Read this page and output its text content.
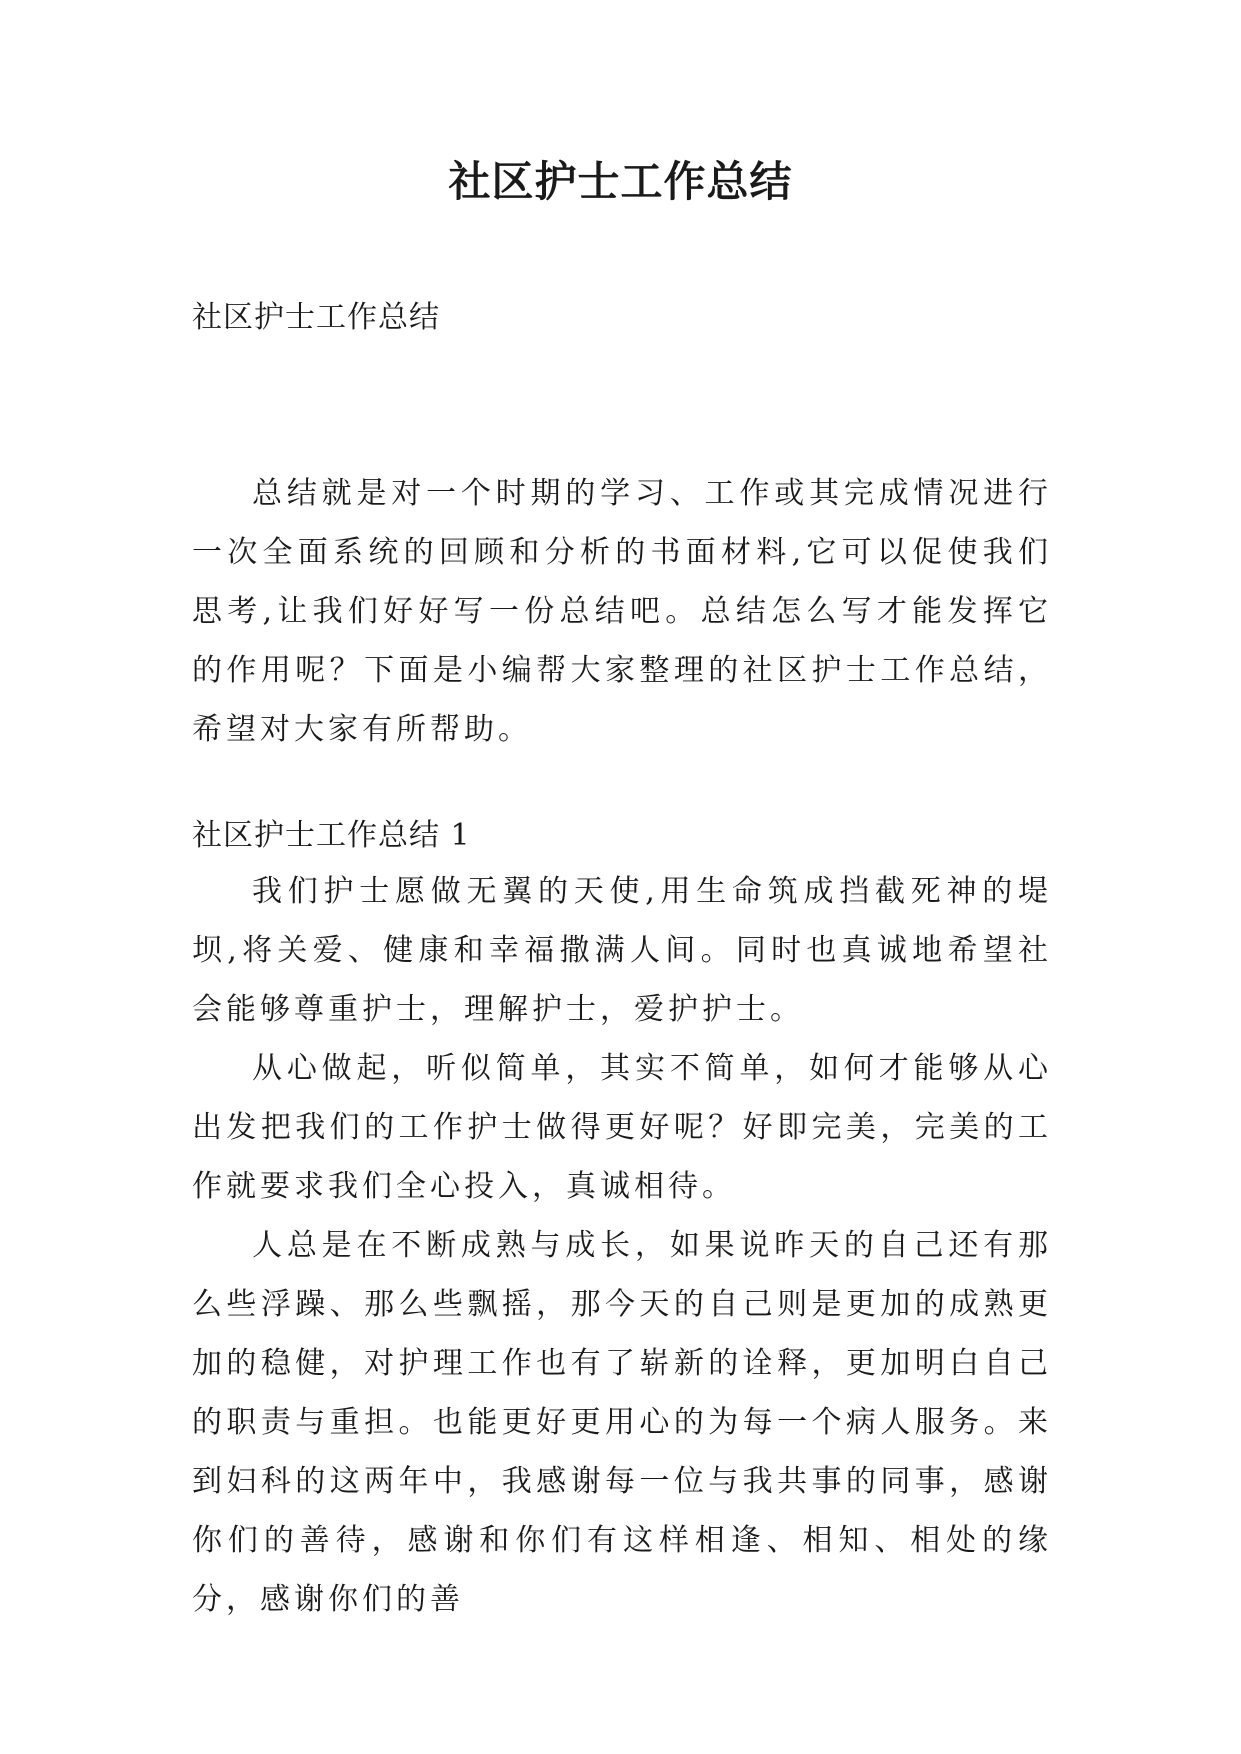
社区护士工作总结
社区护士工作总结

总结就是对一个时期的学习、工作或其完成情况进行一次全面系统的回顾和分析的书面材料,它可以促使我们思考,让我们好好写一份总结吧。总结怎么写才能发挥它的作用呢？下面是小编帮大家整理的社区护士工作总结，希望对大家有所帮助。

社区护士工作总结 1

我们护士愿做无翼的天使,用生命筑成挡截死神的堤坝,将关爱、健康和幸福撒满人间。同时也真诚地希望社会能够尊重护士，理解护士，爱护护士。

从心做起，听似简单，其实不简单，如何才能够从心出发把我们的工作护士做得更好呢？好即完美，完美的工作就要求我们全心投入，真诚相待。

人总是在不断成熟与成长，如果说昨天的自己还有那么些浮躁、那么些飘摇，那今天的自己则是更加的成熟更加的稳健，对护理工作也有了崭新的诠释，更加明白自己的职责与重担。也能更好更用心的为每一个病人服务。来到妇科的这两年中，我感谢每一位与我共事的同事，感谢你们的善待，感谢和你们有这样相逢、相知、相处的缘分，感谢你们的善
